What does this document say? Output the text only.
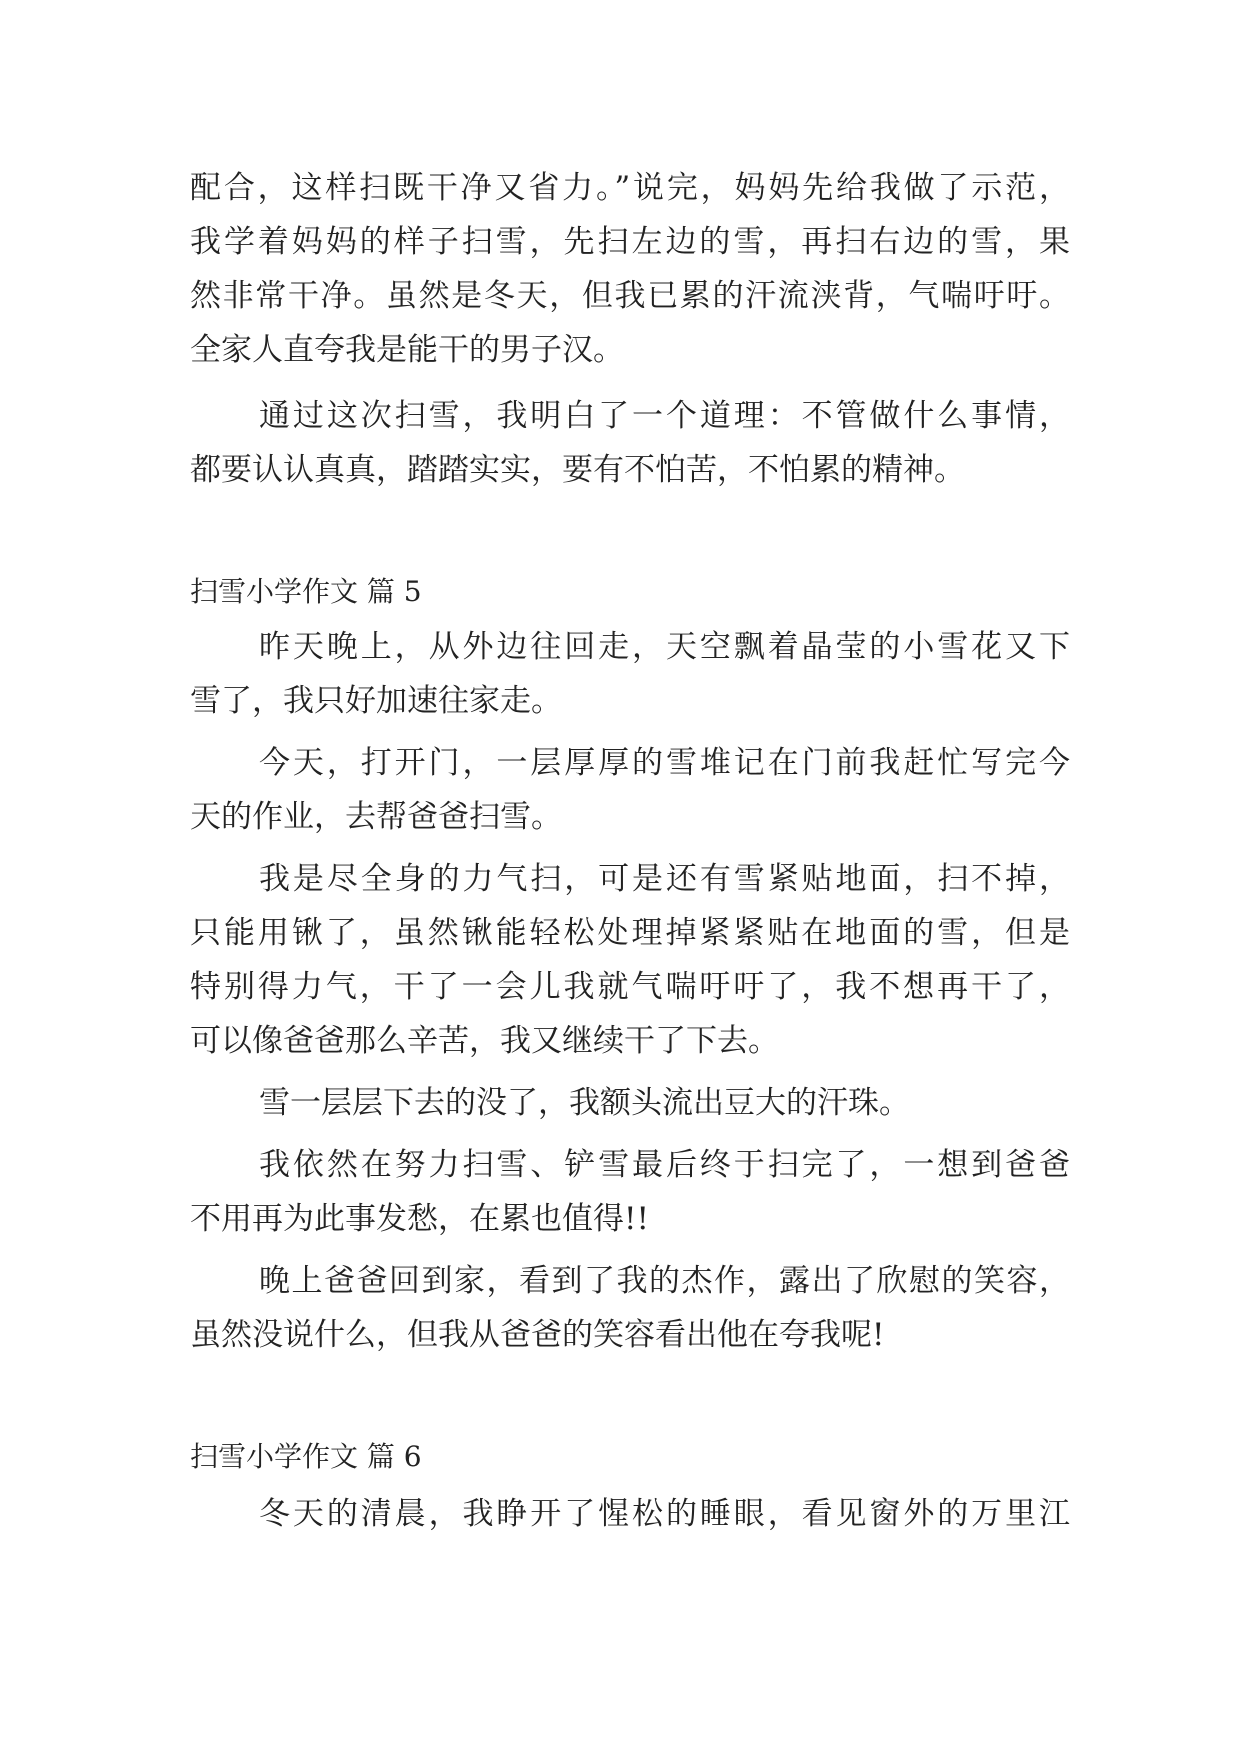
配合，这样扫既干净又省力。”说完，妈妈先给我做了示范，
我学着妈妈的样子扫雪，先扫左边的雪，再扫右边的雪，果
然非常干净。虽然是冬天，但我已累的汗流浃背，气喘吁吁。
全家人直夸我是能干的男子汉。
通过这次扫雪，我明白了一个道理：不管做什么事情，
都要认认真真，踏踏实实，要有不怕苦，不怕累的精神。
扫雪小学作文 篇 5
昨天晚上，从外边往回走，天空飘着晶莹的小雪花又下
雪了，我只好加速往家走。
今天，打开门，一层厚厚的雪堆记在门前我赶忙写完今
天的作业，去帮爸爸扫雪。
我是尽全身的力气扫，可是还有雪紧贴地面，扫不掉，
只能用锹了，虽然锹能轻松处理掉紧紧贴在地面的雪，但是
特别得力气，干了一会儿我就气喘吁吁了，我不想再干了，
可以像爸爸那么辛苦，我又继续干了下去。
雪一层层下去的没了，我额头流出豆大的汗珠。
我依然在努力扫雪、铲雪最后终于扫完了，一想到爸爸
不用再为此事发愁，在累也值得!!
晚上爸爸回到家，看到了我的杰作，露出了欣慰的笑容，
虽然没说什么，但我从爸爸的笑容看出他在夸我呢!
扫雪小学作文 篇 6
冬天的清晨，我睁开了惺松的睡眼，看见窗外的万里江
